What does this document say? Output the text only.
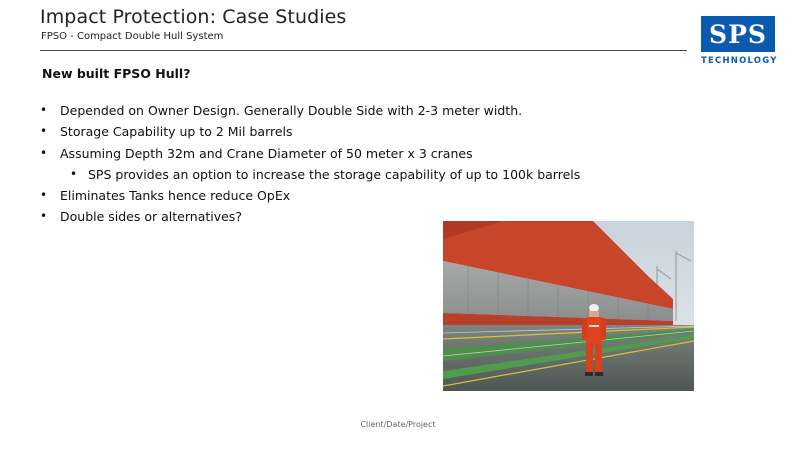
Impact Protection: Case Studies
FPSO - Compact Double Hull System	SPS
TECHNOLOGY
New built FPSO Hull?
• Depended on Owner Design. Generally Double Side with 2-3 meter width.
• Storage Capability up to 2 Mil barrels
• Assuming Depth 32m and Crane Diameter of 50 meter x 3 cranes
• SPS provides an option to increase the storage capability of up to 100k barrels
• Eliminates Tanks hence reduce OpEx
• Double sides or alternatives?
Client/Date/Project
